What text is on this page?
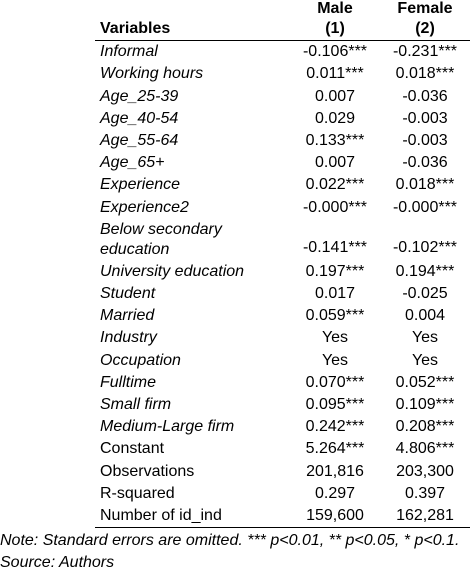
	Male	Female
Variables	(1)	(2)
Informal	-0.106***	-0.231***
Working hours	0.011***	0.018***
Age_25-39	0.007	-0.036
Age_40-54	0.029	-0.003
Age_55-64	0.133***	-0.003
Age_65+	0.007	-0.036
Experience	0.022***	0.018***
Experience2	-0.000***	-0.000***

Below secondary
education	-0.141***	-0.102***
University education	0.197***	0.194***
Student	0.017	-0.025
Married	0.059***	0.004
Industry	Yes	Yes
Occupation	Yes	Yes
Fulltime	0.070***	0.052***
Small firm	0.095***	0.109***
Medium-Large firm	0.242***	0.208***
Constant	5.264***	4.806***
Observations	201,816	203,300
R-squared	0.297	0.397
Number of id_ind	159,600	162,281
Note: Standard errors are omitted. *** p<0.01, ** p<0.05, * p<0.1.
Source: Authors
